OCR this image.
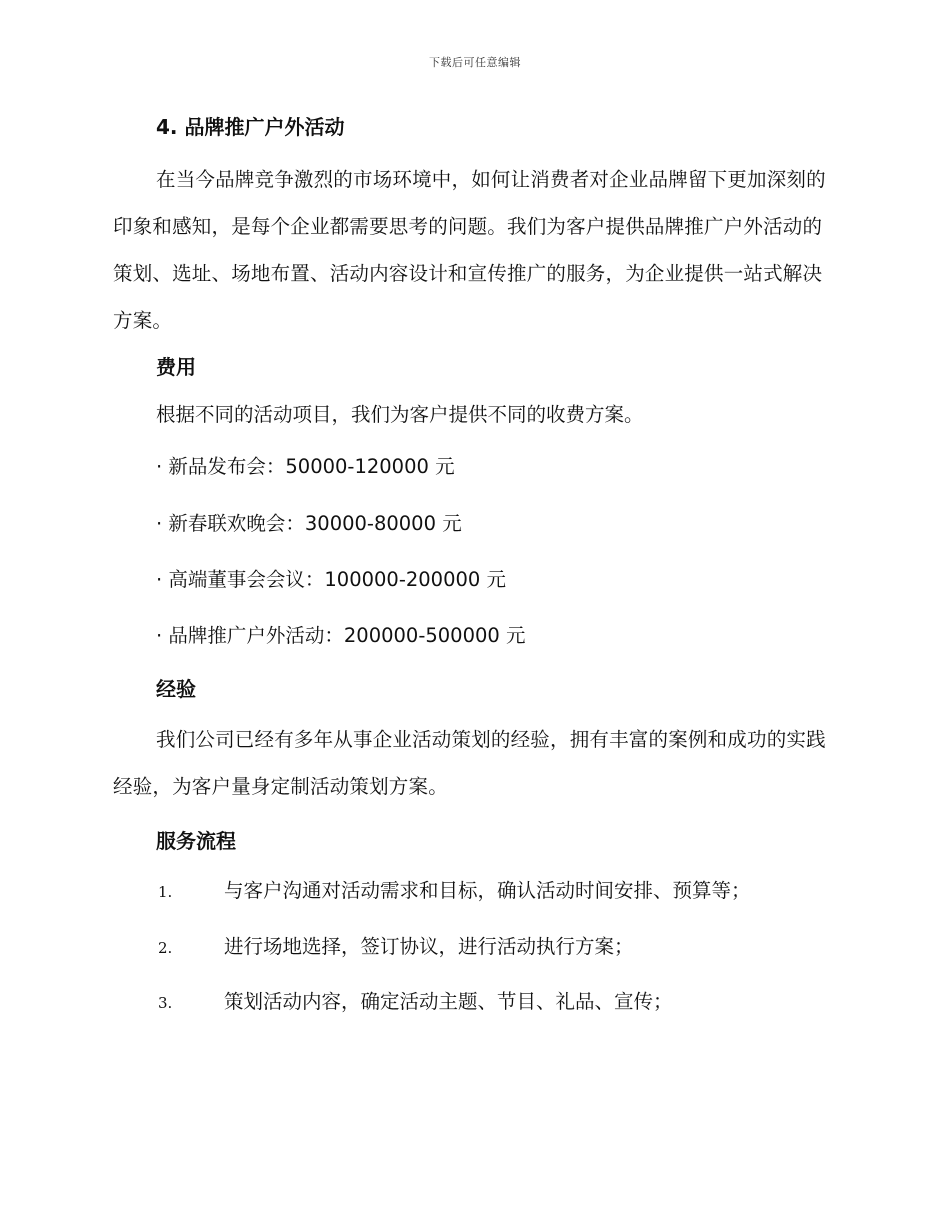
下载后可任意编辑

4. 品牌推广户外活动

在当今品牌竞争激烈的市场环境中，如何让消费者对企业品牌留下更加深刻的印象和感知，是每个企业都需要思考的问题。我们为客户提供品牌推广户外活动的策划、选址、场地布置、活动内容设计和宣传推广的服务，为企业提供一站式解决方案。

费用

根据不同的活动项目，我们为客户提供不同的收费方案。

· 新品发布会：50000-120000 元

· 新春联欢晚会：30000-80000 元

· 高端董事会会议：100000-200000 元

· 品牌推广户外活动：200000-500000 元

经验

我们公司已经有多年从事企业活动策划的经验，拥有丰富的案例和成功的实践经验，为客户量身定制活动策划方案。

服务流程

1.	与客户沟通对活动需求和目标，确认活动时间安排、预算等；
2.	进行场地选择，签订协议，进行活动执行方案；
3.	策划活动内容，确定活动主题、节目、礼品、宣传；
